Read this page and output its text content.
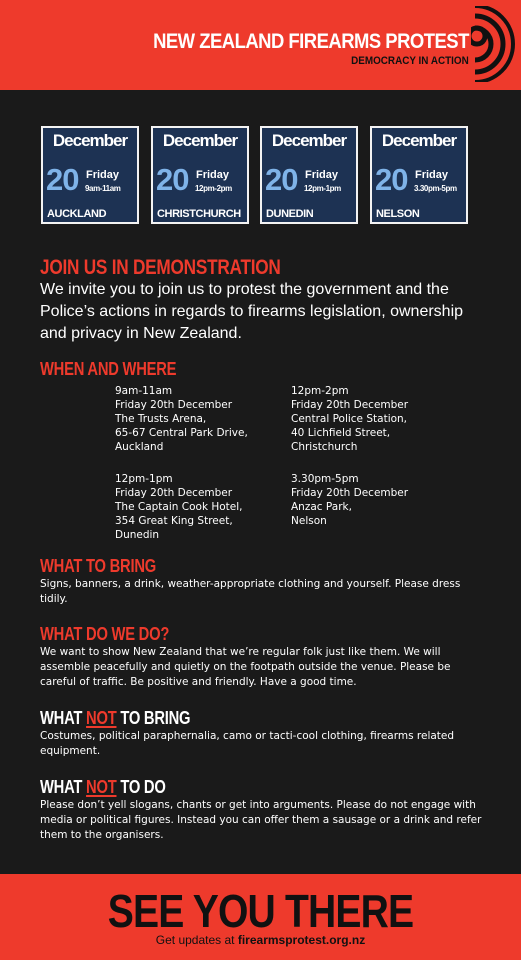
NEW ZEALAND FIREARMS PROTEST
DEMOCRACY IN ACTION
December
20 Friday
9am-11am
AUCKLAND
December
20 Friday
12pm-2pm
CHRISTCHURCH
December
20 Friday
12pm-1pm
DUNEDIN
December
20 Friday
3.30pm-5pm
NELSON
JOIN US IN DEMONSTRATION
We invite you to join us to protest the government and the Police’s actions in regards to firearms legislation, ownership and privacy in New Zealand.
WHEN AND WHERE
9am-11am
Friday 20th December
The Trusts Arena,
65-67 Central Park Drive,
Auckland
12pm-2pm
Friday 20th December
Central Police Station,
40 Lichfield Street,
Christchurch
12pm-1pm
Friday 20th December
The Captain Cook Hotel,
354 Great King Street,
Dunedin
3.30pm-5pm
Friday 20th December
Anzac Park,
Nelson
WHAT TO BRING
Signs, banners, a drink, weather-appropriate clothing and yourself. Please dress tidily.
WHAT DO WE DO?
We want to show New Zealand that we’re regular folk just like them. We will assemble peacefully and quietly on the footpath outside the venue. Please be careful of traffic. Be positive and friendly. Have a good time.
WHAT NOT TO BRING
Costumes, political paraphernalia, camo or tacti-cool clothing, firearms related equipment.
WHAT NOT TO DO
Please don’t yell slogans, chants or get into arguments. Please do not engage with media or political figures. Instead you can offer them a sausage or a drink and refer them to the organisers.
SEE YOU THERE
Get updates at firearmsprotest.org.nz
